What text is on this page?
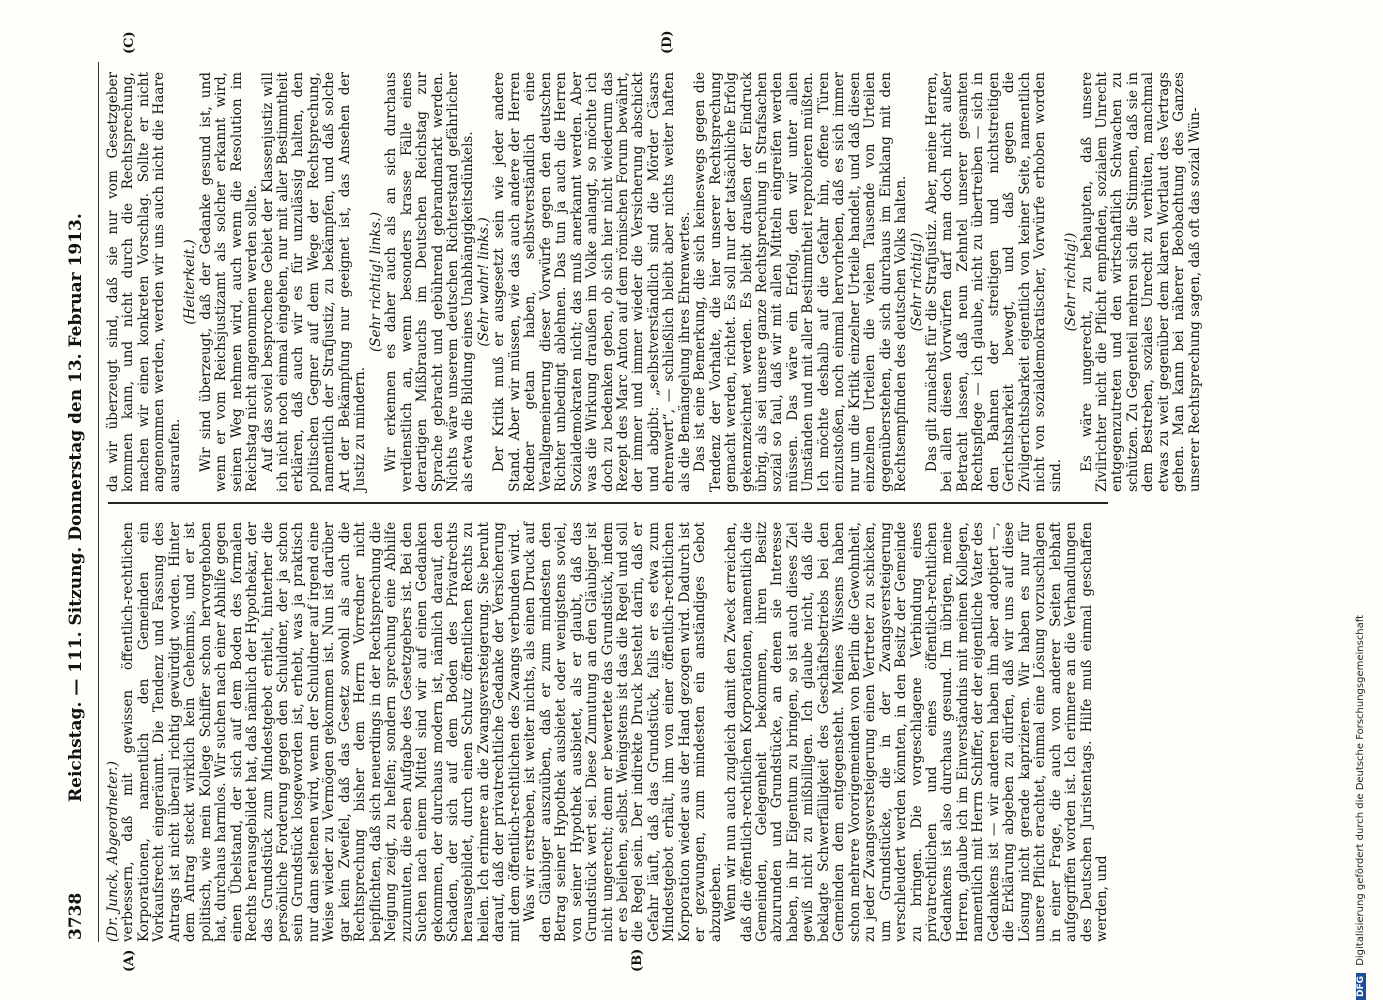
3738
Reichstag. — 111. Sitzung. Donnerstag den 13. Februar 1913.
(A)	(B)
(C)	(D)

(Dr. Junck, Abgeordneter.) verbessern, daß mit gewissen öffentlich-rechtlichen Korporationen, namentlich den Gemeinden ein Vorkaufsrecht eingeräumt. Die Tendenz und Fassung des Antrags ist nicht überall richtig gewürdigt worden. Hinter dem Antrag steckt wirklich kein Geheimnis, und er ist politisch, wie mein Kollege Schiffer schon hervorgehoben hat, durchaus harmlos. Wir suchen nach einer Abhilfe gegen einen Übelstand, der sich auf dem Boden des formalen Rechts herausgebildet hat, daß nämlich der Hypothekar, der das Grundstück zum Mindestgebot erhielt, hinterher die persönliche Forderung gegen den Schuldner, der ja schon sein Grundstück losgeworden ist, erhebt, was ja praktisch nur dann seltenen wird, wenn der Schuldner auf irgend eine Weise wieder zu Vermögen gekommen ist. Nun ist darüber gar kein Zweifel, daß das Gesetz sowohl als auch die Rechtsprechung bisher dem Herrn Vorredner nicht beipflichten, daß sich neuerdings in der Rechtsprechung die Neigung zeigt, zu helfen; sondern sprechung eine Abhilfe zuzumuten, die eben Aufgabe des Gesetzgebers ist. Bei den Suchen nach einem Mittel sind wir auf einen Gedanken gekommen, der durchaus modern ist, nämlich darauf, den Schaden, der sich auf dem Boden des Privatrechts herausgebildet, durch einen Schutz öffentlichen Rechts zu heilen. Ich erinnere an die Zwangsversteigerung. Sie beruht darauf, daß der privatrechtliche Gedanke der Versicherung mit dem öffentlich-rechtlichen des Zwangs verbunden wird. Was wir erstreben, ist weiter nichts, als einen Druck auf den Gläubiger auszuüben, daß er zum mindesten den Betrag seiner Hypothek ausbietet oder wenigstens soviel, von seiner Hypothek ausbietet, als er glaubt, daß das Grundstück wert sei. Diese Zumutung an den Gläubiger ist nicht ungerecht; denn er bewertete das Grundstück, indem er es beliehen, selbst. Wenigstens ist das die Regel und soll die Regel sein. Der indirekte Druck besteht darin, daß er Gefahr läuft, daß das Grundstück, falls er es etwa zum Mindestgebot erhält, ihm von einer öffentlich-rechtlichen Korporation wieder aus der Hand gezogen wird. Dadurch ist er gezwungen, zum mindesten ein anständiges Gebot abzugeben. Wenn wir nun auch zugleich damit den Zweck erreichen, daß die öffentlich-rechtlichen Korporationen, namentlich die Gemeinden, Gelegenheit bekommen, ihren Besitz abzurunden und Grundstücke, an denen sie Interesse haben, in ihr Eigentum zu bringen, so ist auch dieses Ziel gewiß nicht zu mißbilligen. Ich glaube nicht, daß die beklagte Schwerfälligkeit des Geschäftsbetriebs bei den Gemeinden dem entgegensteht. Meines Wissens haben schon mehrere Vororigemeinden von Berlin die Gewohnheit, zu jeder Zwangsversteigerung einen Vertreter zu schicken, um Grundstücke, die in der Zwangsversteigerung verschleudert werden könnten, in den Besitz der Gemeinde zu bringen. Die vorgeschlagene Verbindung eines privatrechtlichen und eines öffentlich-rechtlichen Gedankens ist also durchaus gesund. Im übrigen, meine Herren, glaube ich im Einverständnis mit meinen Kollegen, namentlich mit Herrn Schiffer, der der eigentliche Vater des Gedankens ist — wir anderen haben ihn aber adoptiert —, die Erklärung abgeben zu dürfen, daß wir uns auf diese Lösung nicht gerade kaprizieren. Wir haben es nur für unsere Pflicht erachtet, einmal eine Lösung vorzuschlagen in einer Frage, die auch von anderer Seiten lebhaft aufgegriffen worden ist. Ich erinnere an die Verhandlungen des Deutschen Juristentags. Hilfe muß einmal geschaffen werden, und

da wir überzeugt sind, daß sie nur vom Gesetzgeber kommen kann, und nicht durch die Rechtsprechung, machen wir einen konkreten Vorschlag. Sollte er nicht angenommen werden, werden wir uns auch nicht die Haare ausraufen.

(Heiterkeit.) Wir sind überzeugt, daß der Gedanke gesund ist, und wenn er vom Reichsjustizamt als solcher erkannt wird, seinen Weg nehmen wird, auch wenn die Resolution im Reichstag nicht angenommen werden sollte. Auf das soviel besprochene Gebiet der Klassenjustiz will ich nicht noch einmal eingehen, nur mit aller Bestimmtheit erklären, daß auch wir es für unzulässig halten, den politischen Gegner auf dem Wege der Rechtsprechung, namentlich der Strafjustiz, zu bekämpfen, und daß solche Art der Bekämpfung nur geeignet ist, das Ansehen der Justiz zu mindern.

(Sehr richtig! links.) Wir erkennen es daher auch als an sich durchaus verdienstlich an, wenn besonders krasse Fälle eines derartigen Mißbrauchs im Deutschen Reichstag zur Sprache gebracht und gebührend gebrandmarkt werden. Nichts wäre unserem deutschen Richterstand gefährlicher als etwa die Bildung eines Unabhängigkeitsdünkels. (Sehr wahr! links.) Der Kritik muß er ausgesetzt sein wie jeder andere Stand. Aber wir müssen, wie das auch andere der Herren Redner getan haben, selbstverständlich eine Verallgemeinerung dieser Vorwürfe gegen den deutschen Richter unbedingt ablehnen. Das tun ja auch die Herren Sozialdemokraten nicht; das muß anerkannt werden. Aber was die Wirkung draußen im Volke anlangt, so möchte ich doch zu bedenken geben, ob sich hier nicht wiederum das Rezept des Marc Anton auf dem römischen Forum bewährt, der immer und immer wieder die Versicherung abschickt und abgibt: „selbstverständlich sind die Mörder Cäsars ehrenwert“, — schließlich bleibt aber nichts weiter haften als die Bemängelung ihres Ehrenwertes. Das ist eine Bemerkung, die sich keineswegs gegen die Tendenz der Vorhalte, die hier unserer Rechtsprechung gemacht werden, richtet. Es soll nur der tatsächliche Erfolg gekennzeichnet werden. Es bleibt draußen der Eindruck übrig, als sei unsere ganze Rechtsprechung in Strafsachen sozial so faul, daß wir mit allen Mitteln eingreifen werden müssen. Das wäre ein Erfolg, den wir unter allen Umständen und mit aller Bestimmtheit reprobieren müßten. Ich möchte deshalb auf die Gefahr hin, offene Türen einzustoßen, noch einmal hervorheben, daß es sich immer nur um die Kritik einzelner Urteile handelt, und daß diesen einzelnen Urteilen die vielen Tausende von Urteilen gegenüberstehen, die sich durchaus im Einklang mit den Rechtsempfinden des deutschen Volks halten. (Sehr richtig!) Das gilt zunächst für die Strafjustiz. Aber, meine Herren, bei allen diesen Vorwürfen darf man doch nicht außer Betracht lassen, daß neun Zehntel unserer gesamten Rechtspflege — ich glaube, nicht zu übertreiben — sich in den Bahnen der streitigen und nichtstreitigen Gerichtsbarkeit bewegt, und daß gegen die Zivilgerichtsbarkeit eigentlich von keiner Seite, namentlich nicht von sozialdemokratischer, Vorwürfe erhoben worden sind.

(Sehr richtig!) Es wäre ungerecht, zu behaupten, daß unsere Zivilrichter nicht die Pflicht empfinden, sozialem Unrecht entgegenzutreten und den wirtschaftlich Schwachen zu schützen. Zu Gegenteil mehren sich die Stimmen, daß sie in dem Bestreben, soziales Unrecht zu verhüten, manchmal etwas zu weit gegenüber dem klaren Wortlaut des Vertrags gehen. Man kann bei näherer Beobachtung des Ganzes unserer Rechtsprechung sagen, daß oft das sozial Wün-

DFG Digitalisierung gefördert durch die Deutsche Forschungsgemeinschaft
